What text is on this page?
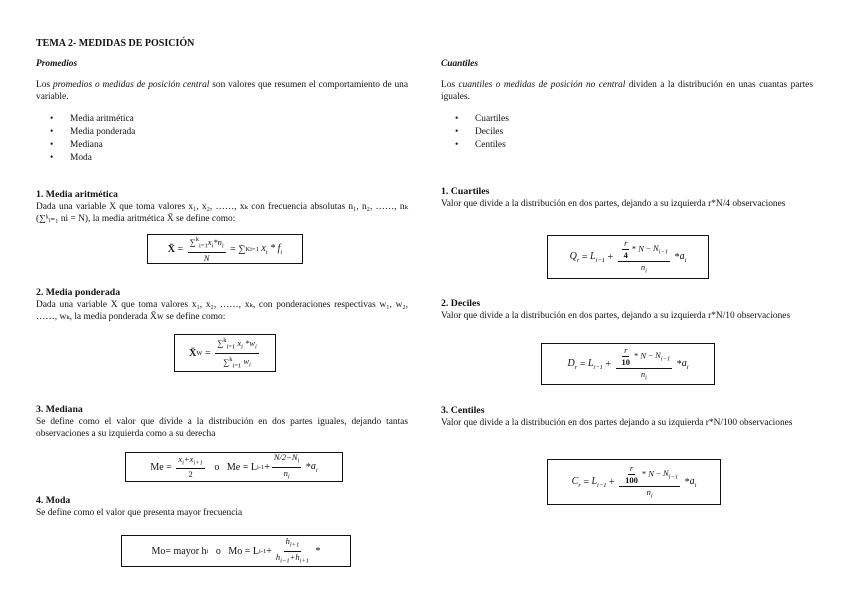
TEMA 2- MEDIDAS DE POSICIÓN
Promedios
Los promedios o medidas de posición central son valores que resumen el comportamiento de una variable.
• Media aritmética
• Media ponderada
• Mediana
• Moda
1. Media aritmética
Dada una variable X que toma valores x₁, x₂, ……, xₖ con frecuencia absolutas n₁, n₂, ……, nₖ (∑ᵏᵢ₌₁ ni = N), la media aritmética X̄ se define como:
X̄ = $\frac{\sum^k_{i=1}x_i*n_i}{N}$ = ∑ K i=1
$x_i * f_i$
2. Media ponderada
Dada una variable X que toma valores x₁, x₂, ……, xₖ, con ponderaciones respectivas w₁, w₂, ……, wₖ, la media ponderada X̄w se define como:
X̄ $W = \frac{\sum^k_{i=1} x_i *w_i}{\sum^k_{i=1} w_i}$
3. Mediana
Se define como el valor que divide a la distribución en dos partes iguales, dejando tantas observaciones a su izquierda como a su derecha
$Me = \frac{x_i+x_{i+1}}{2}$ o   Me = L $i-1 + \frac{N/2-N_i}{n_i} * a_i$
4. Moda
Se define como el valor que presenta mayor frecuencia
Mo= mayor h i o   Mo = L $i-1 + \frac{h_{i+1}}{h_{i-1}+h_{i+1}}$ *
Cuantiles
Los cuantiles o medidas de posición no central dividen a la distribución en unas cuantas partes iguales.
• Cuartiles
• Deciles
• Centiles
1. Cuartiles
Valor que divide a la distribución en dos partes, dejando a su izquierda r*N/4 observaciones
$Q_r = L_{i-1} + \frac{\frac{r}{4} * N - N_{i-1}}{n_i} * a_i$
2. Deciles
Valor que divide a la distribución en dos partes, dejando a su izquierda r*N/10 observaciones
$D_r = L_{i-1} + \frac{\frac{r}{10} * N - N_{i-1}}{n_i} * a_i$
3. Centiles
Valor que divide a la distribución en dos partes dejando a su izquierda r*N/100 observaciones
$C_r = L_{i-1} + \frac{\frac{r}{100} * N - N_{i-1}}{n_i} * a_i$
